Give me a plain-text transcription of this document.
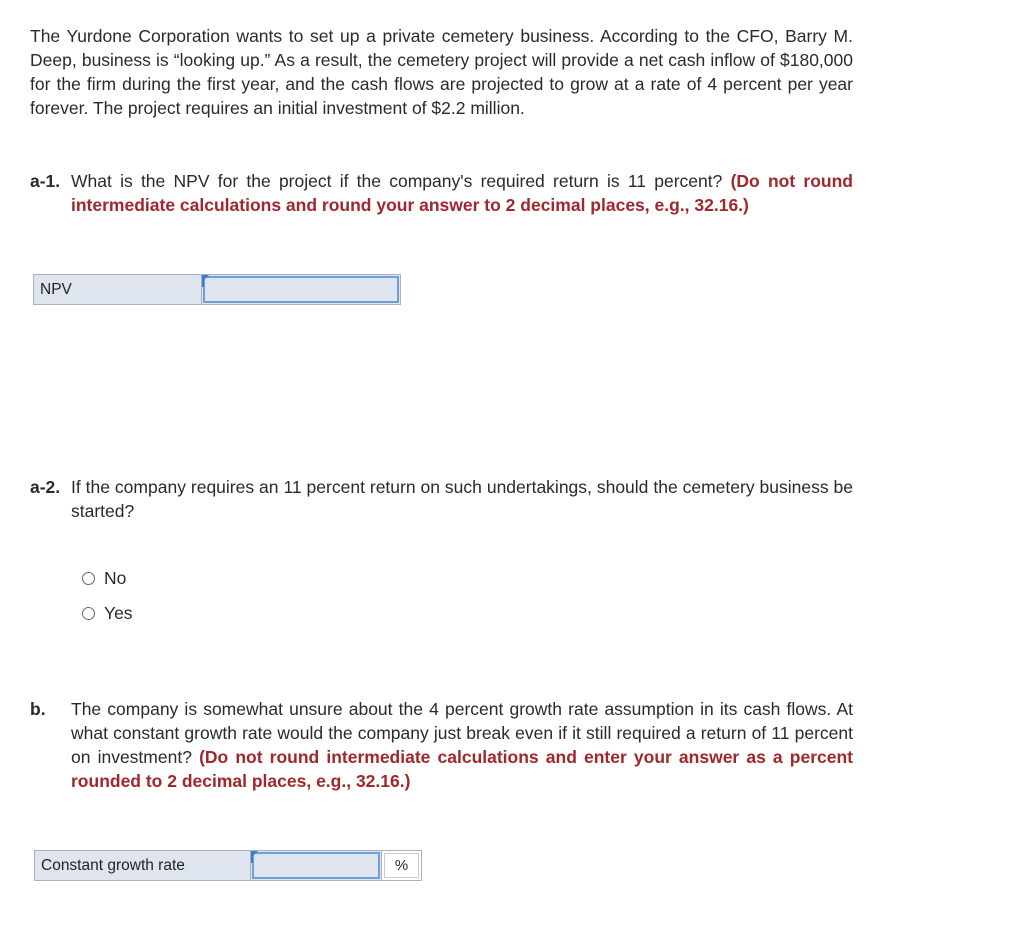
The Yurdone Corporation wants to set up a private cemetery business. According to the CFO, Barry M. Deep, business is “looking up.” As a result, the cemetery project will provide a net cash inflow of $180,000 for the firm during the first year, and the cash flows are projected to grow at a rate of 4 percent per year forever. The project requires an initial investment of $2.2 million.

a-1. What is the NPV for the project if the company's required return is 11 percent? (Do not round intermediate calculations and round your answer to 2 decimal places, e.g., 32.16.)
NPV	
a-2. If the company requires an 11 percent return on such undertakings, should the cemetery business be started?
No
Yes
b. The company is somewhat unsure about the 4 percent growth rate assumption in its cash flows. At what constant growth rate would the company just break even if it still required a return of 11 percent on investment? (Do not round intermediate calculations and enter your answer as a percent rounded to 2 decimal places, e.g., 32.16.)
Constant growth rate		%
